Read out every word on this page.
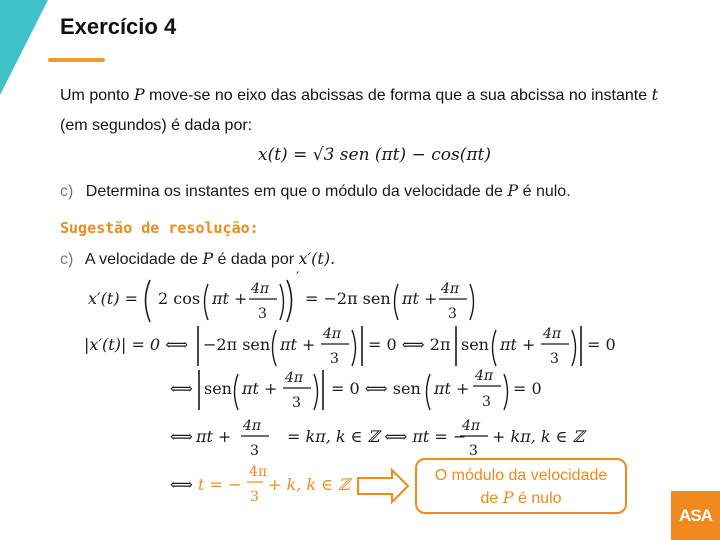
Exercício 4
Um ponto P move-se no eixo das abcissas de forma que a sua abcissa no instante t (em segundos) é dada por:
x(t) = √3 sen (πt) − cos(πt)
c) Determina os instantes em que o módulo da velocidade de P é nulo.
Sugestão de resolução:
c) A velocidade de P é dada por x′(t).
x′(t) = 2 cos πt + 4π
3
′
= −2π sen πt + 4π
3
|x′(t)| = 0 ⟺ −2π sen πt +
4π
3
= 0 ⟺ 2π sen πt +
4π
3
= 0
⟺ sen πt +
4π
3
= 0 ⟺ sen πt +
4π
3
= 0
⟺ πt +
4π
3
= kπ, k ∈ ℤ ⟺ πt = −
4π
3
+ kπ, k ∈ ℤ
⟺ t = −
4π
3
+ k, k ∈ ℤ	O módulo da velocidade
de P é nulo
ASA
